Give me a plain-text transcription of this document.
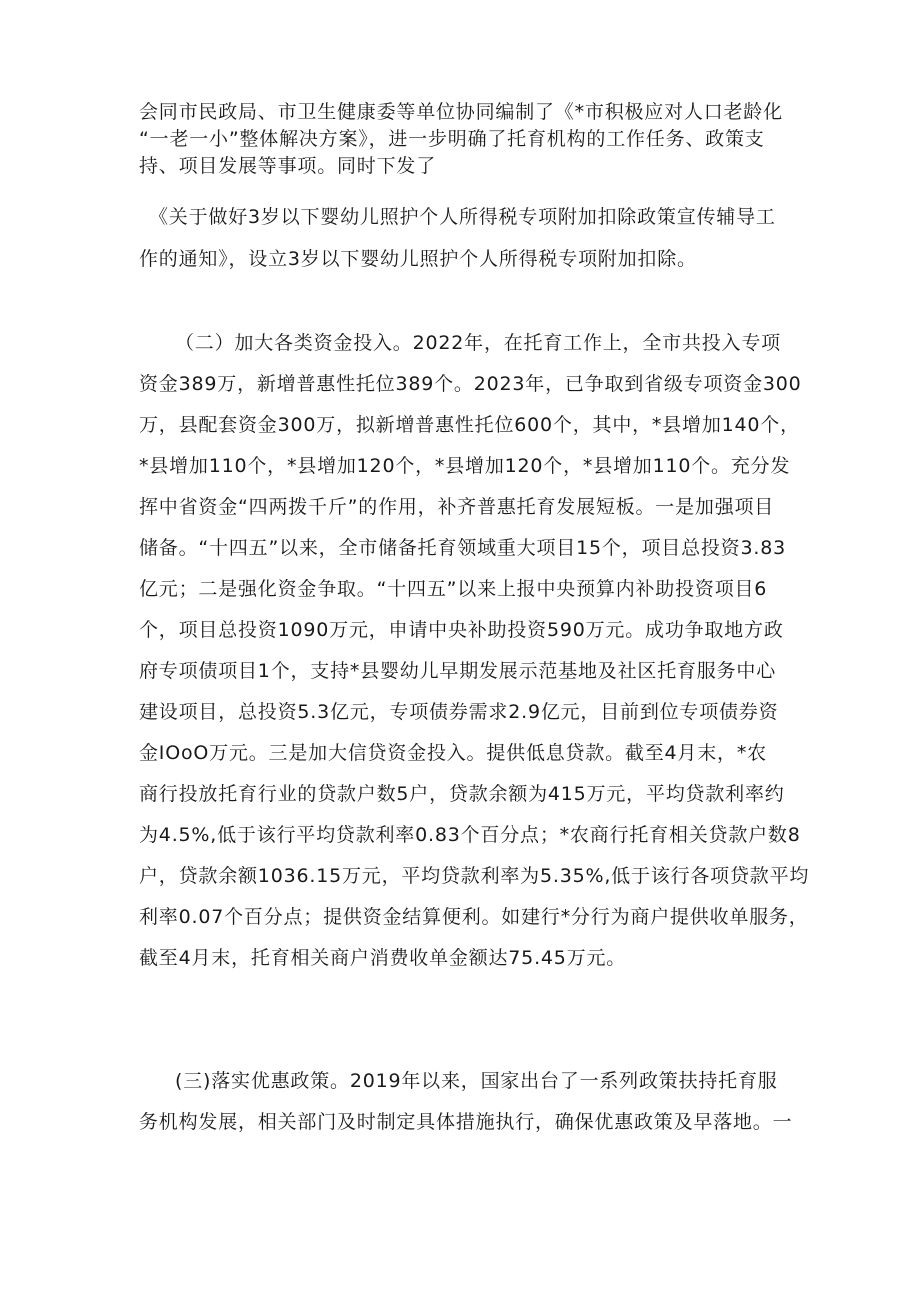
会同市民政局、市卫生健康委等单位协同编制了《*市积极应对人口老龄化
“一老一小”整体解决方案》，进一步明确了托育机构的工作任务、政策支
持、项目发展等事项。同时下发了
《关于做好3岁以下婴幼儿照护个人所得税专项附加扣除政策宣传辅导工
作的通知》，设立3岁以下婴幼儿照护个人所得税专项附加扣除。
（二）加大各类资金投入。2022年，在托育工作上，全市共投入专项
资金389万，新增普惠性托位389个。2023年，已争取到省级专项资金300
万，县配套资金300万，拟新增普惠性托位600个，其中，*县增加140个，
*县增加110个，*县增加120个，*县增加120个，*县增加110个。充分发
挥中省资金“四两拨千斤”的作用，补齐普惠托育发展短板。一是加强项目
储备。“十四五”以来，全市储备托育领域重大项目15个，项目总投资3.83
亿元；二是强化资金争取。“十四五”以来上报中央预算内补助投资项目6
个，项目总投资1090万元，申请中央补助投资590万元。成功争取地方政
府专项债项目1个，支持*县婴幼儿早期发展示范基地及社区托育服务中心
建设项目，总投资5.3亿元，专项债券需求2.9亿元，目前到位专项债券资
金IOoO万元。三是加大信贷资金投入。提供低息贷款。截至4月末，*农
商行投放托育行业的贷款户数5户，贷款余额为415万元，平均贷款利率约
为4.5%,低于该行平均贷款利率0.83个百分点；*农商行托育相关贷款户数8
户，贷款余额1036.15万元，平均贷款利率为5.35%,低于该行各项贷款平均
利率0.07个百分点；提供资金结算便利。如建行*分行为商户提供收单服务，
截至4月末，托育相关商户消费收单金额达75.45万元。
(三)落实优惠政策。2019年以来，国家出台了一系列政策扶持托育服
务机构发展，相关部门及时制定具体措施执行，确保优惠政策及早落地。一
